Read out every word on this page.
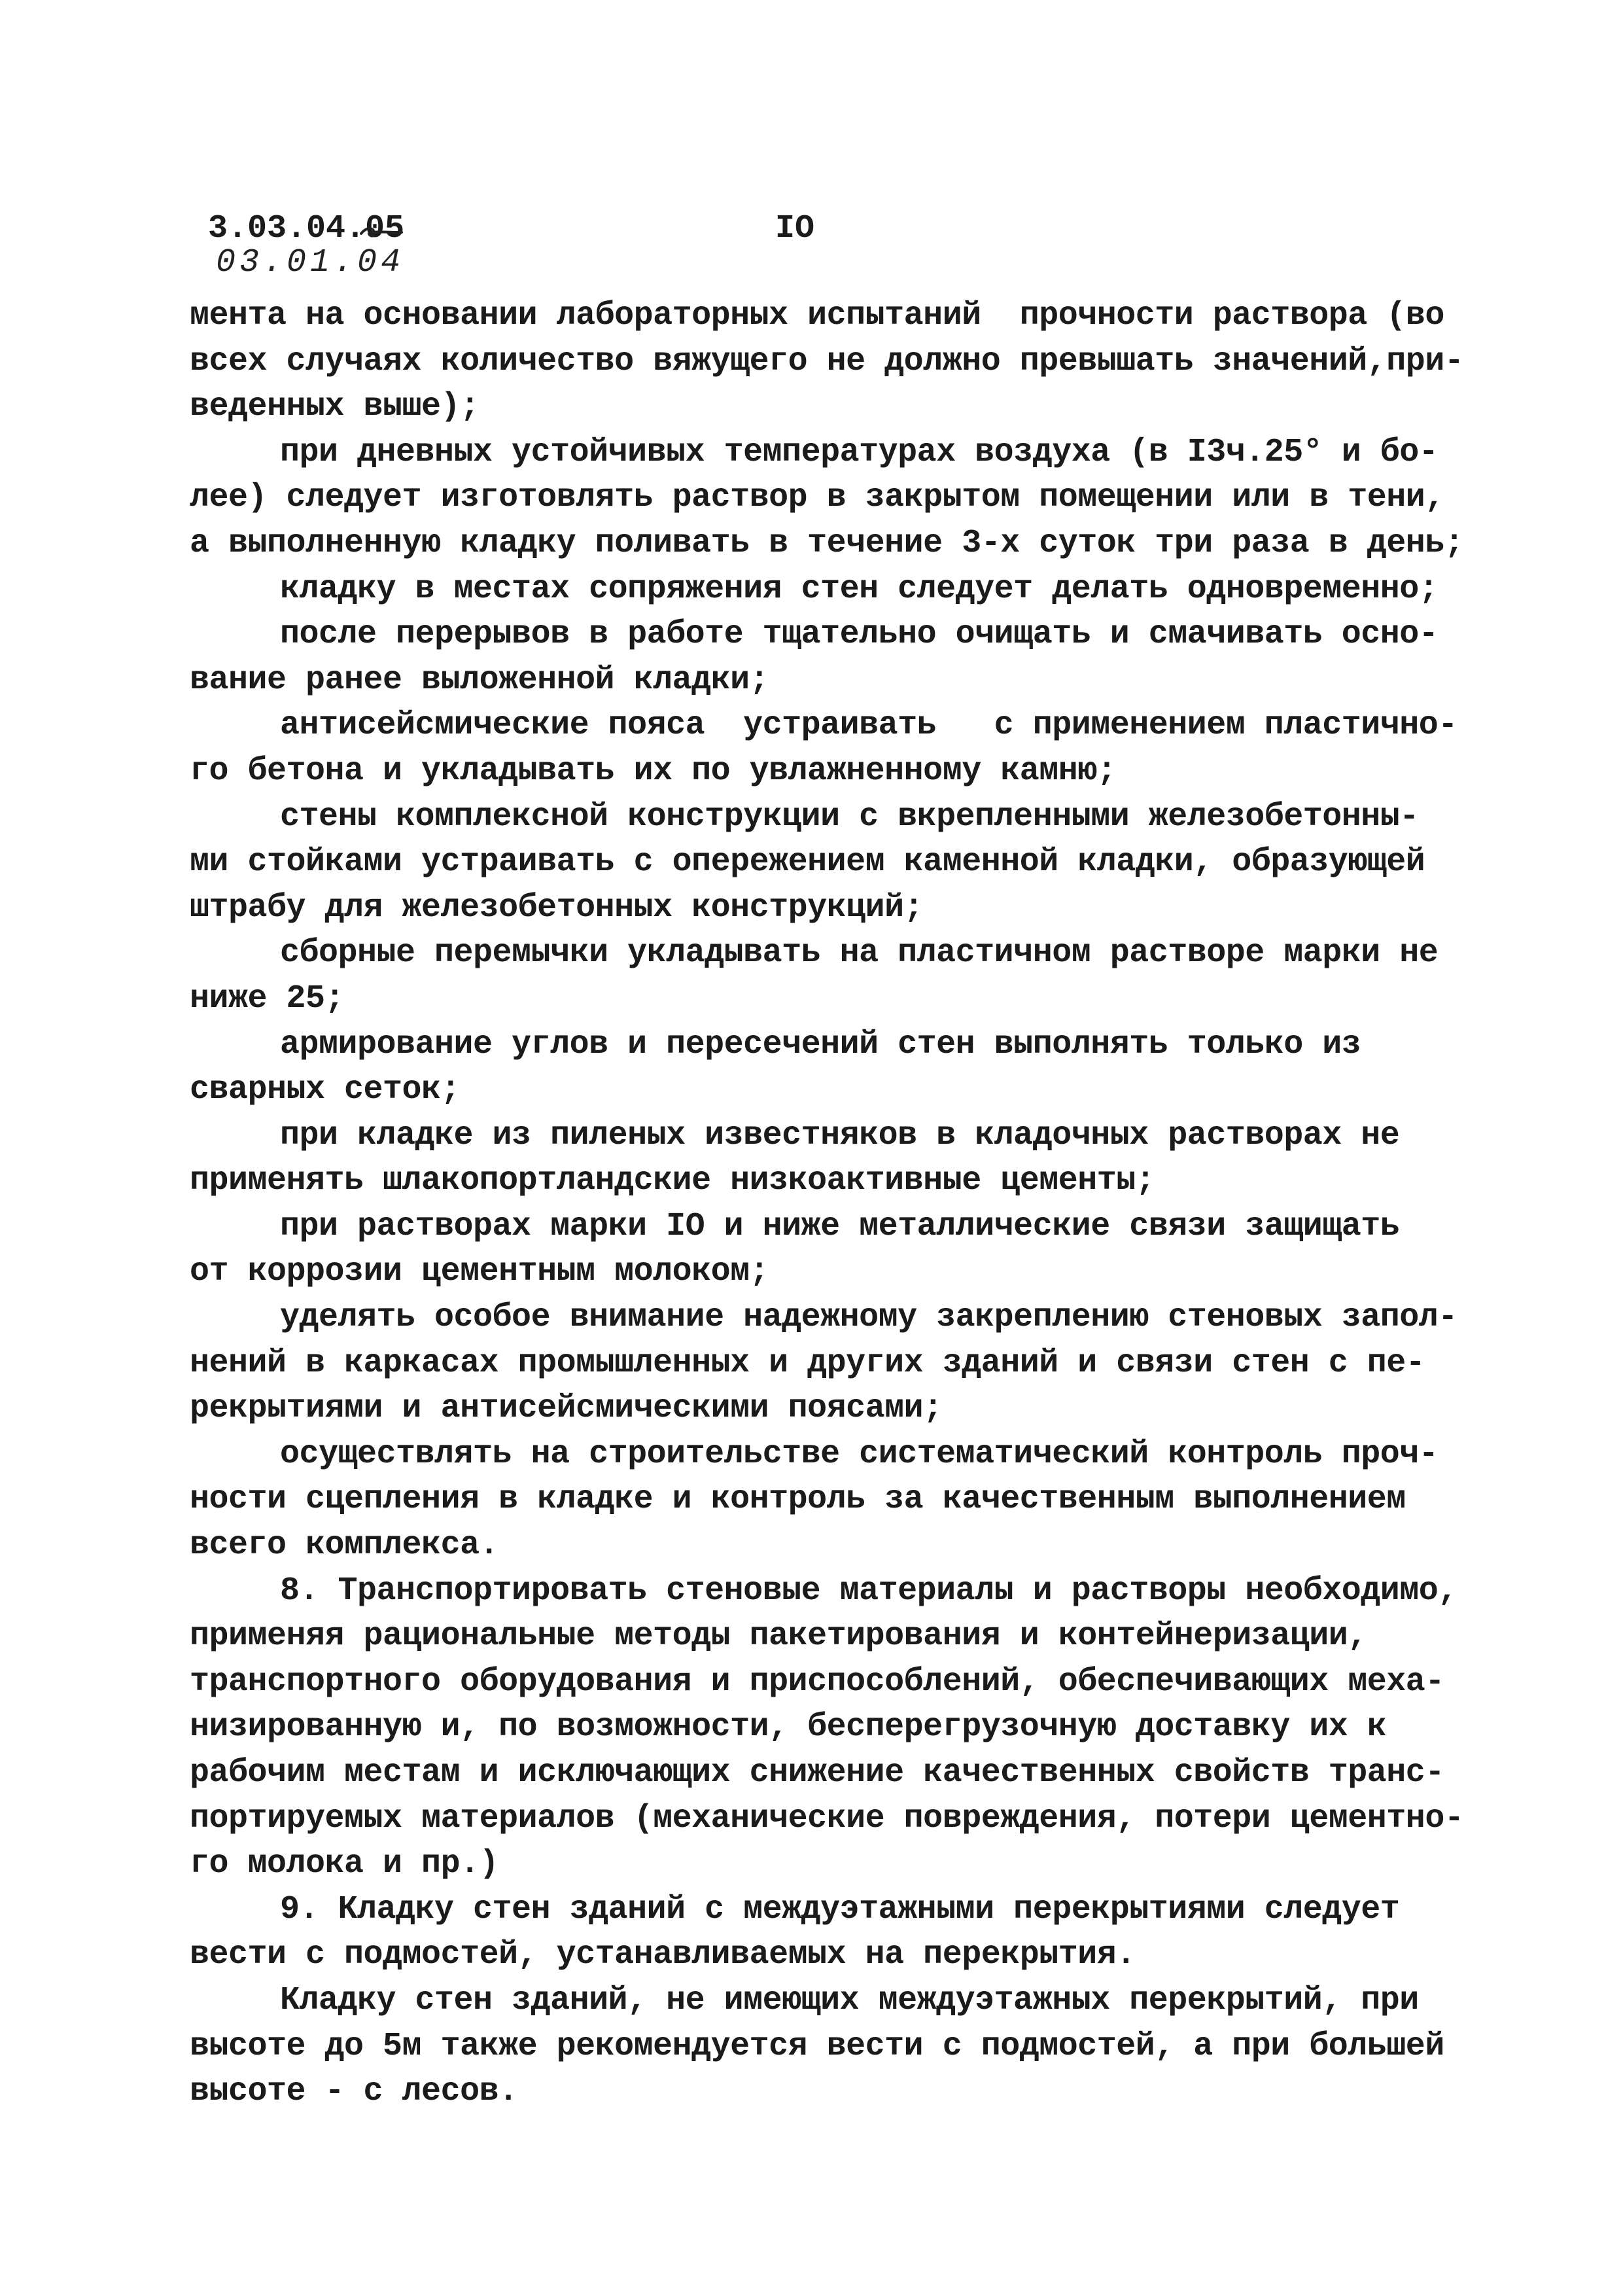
3.03.04.05	IO
03.01.04
мента на основании лабораторных испытаний  прочности раствора (во
всех случаях количество вяжущего не должно превышать значений,при-
веденных выше);
при дневных устойчивых температурах воздуха (в I3ч.25° и бо-
лее) следует изготовлять раствор в закрытом помещении или в тени,
а выполненную кладку поливать в течение 3-х суток три раза в день;
кладку в местах сопряжения стен следует делать одновременно;
после перерывов в работе тщательно очищать и смачивать осно-
вание ранее выложенной кладки;
антисейсмические пояса  устраивать   с применением пластично-
го бетона и укладывать их по увлажненному камню;
стены комплексной конструкции с вкрепленными железобетонны-
ми стойками устраивать с опережением каменной кладки, образующей
штрабу для железобетонных конструкций;
сборные перемычки укладывать на пластичном растворе марки не
ниже 25;
армирование углов и пересечений стен выполнять только из
сварных сеток;
при кладке из пиленых известняков в кладочных растворах не
применять шлакопортландские низкоактивные цементы;
при растворах марки IO и ниже металлические связи защищать
от коррозии цементным молоком;
уделять особое внимание надежному закреплению стеновых запол-
нений в каркасах промышленных и других зданий и связи стен с пе-
рекрытиями и антисейсмическими поясами;
осуществлять на строительстве систематический контроль проч-
ности сцепления в кладке и контроль за качественным выполнением
всего комплекса.
8. Транспортировать стеновые материалы и растворы необходимо,
применяя рациональные методы пакетирования и контейнеризации,
транспортного оборудования и приспособлений, обеспечивающих меха-
низированную и, по возможности, бесперегрузочную доставку их к
рабочим местам и исключающих снижение качественных свойств транс-
портируемых материалов (механические повреждения, потери цементно-
го молока и пр.)
9. Кладку стен зданий с междуэтажными перекрытиями следует
вести с подмостей, устанавливаемых на перекрытия.
Кладку стен зданий, не имеющих междуэтажных перекрытий, при
высоте до 5м также рекомендуется вести с подмостей, а при большей
высоте - с лесов.
